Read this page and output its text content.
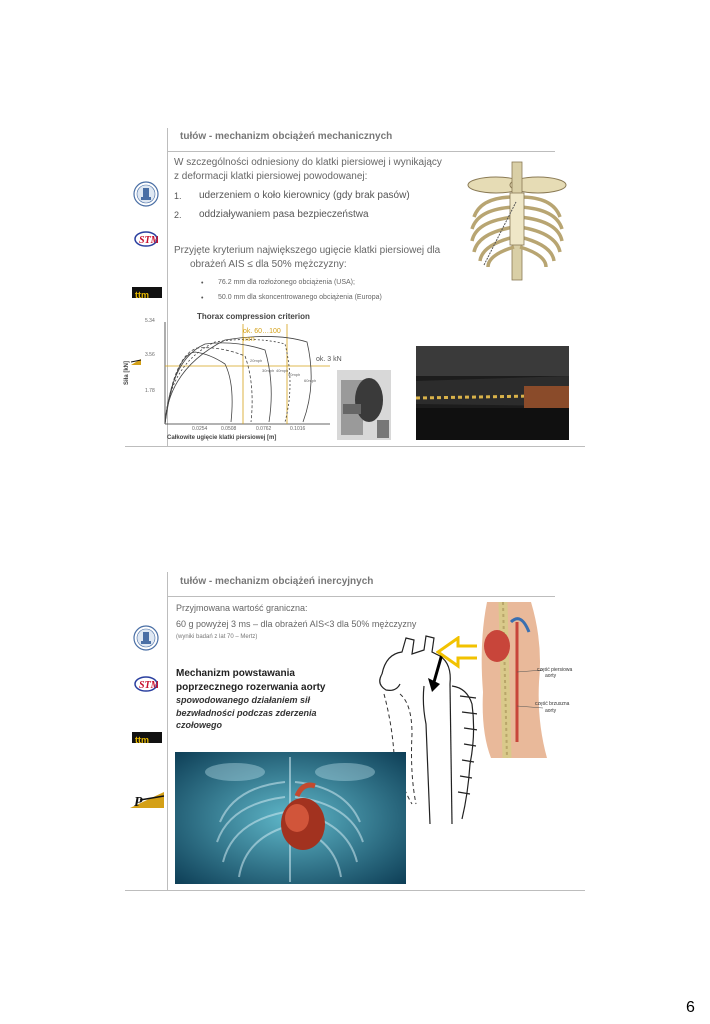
tułów - mechanizm obciążeń mechanicznych
STM
ttm
W szczególności odniesiony do klatki piersiowej i wynikający
z deformacji klatki piersiowej powodowanej:
1. uderzeniem o koło kierownicy (gdy brak pasów)
2. oddziaływaniem pasa bezpieczeństwa
Przyjęte kryterium największego ugięcie klatki piersiowej dla
obrażeń AIS ≤ dla 50% mężczyzny:
• 76.2 mm dla rozłożonego obciążenia (USA);
• 50.0 mm dla skoncentrowanego obciążenia (Europa)
Thorax compression criterion
5.34
3.56
1.78
0.0254	0.0508	0.0762	0.1016
Całkowite ugięcie klatki piersiowej [m]
Siła [kN]
ok. 60…100
mm
ok. 3 kN
20mph
30mph 40mph
50mph
60mph
tułów - mechanizm obciążeń inercyjnych
STM
ttm
P
Przyjmowana wartość graniczna:
60 g powyżej 3 ms – dla obrażeń AIS<3 dla 50% mężczyzny
(wyniki badań z lat 70 – Mertz)
Mechanizm powstawania
poprzecznego rozerwania aorty
spowodowanego działaniem sił
bezwładności podczas zderzenia
czołowego
część piersiowa
aorty
część brzuszna
aorty
6
